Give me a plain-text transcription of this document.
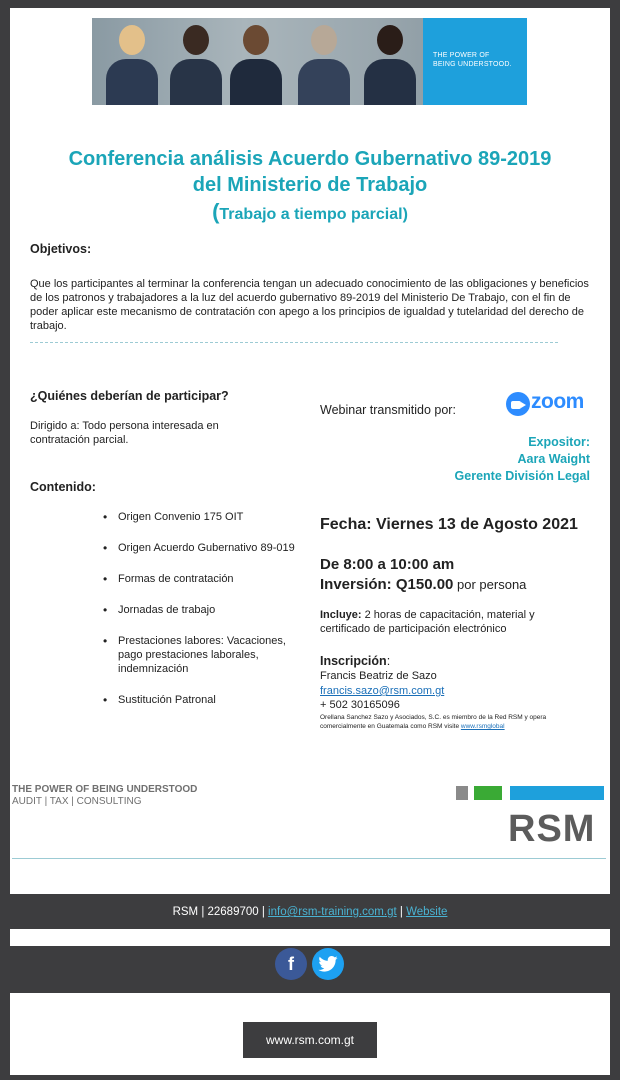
THE POWER OF
BEING UNDERSTOOD.
Conferencia análisis Acuerdo Gubernativo 89-2019
del Ministerio de Trabajo
(Trabajo a tiempo parcial)
Objetivos:
Que los participantes al terminar la conferencia tengan un adecuado conocimiento de las obligaciones y beneficios de los patronos y trabajadores a la luz del acuerdo gubernativo 89-2019 del Ministerio De Trabajo, con el fin de poder aplicar este mecanismo de contratación con apego a los principios de igualdad y tutelaridad del derecho de trabajo.
¿Quiénes deberían de participar?
Dirigido a: Todo persona interesada en contratación parcial.
Contenido:
• Origen Convenio 175 OIT
• Origen Acuerdo Gubernativo 89-019
• Formas de contratación
• Jornadas de trabajo
• Prestaciones labores: Vacaciones, pago prestaciones laborales, indemnización
• Sustitución Patronal
Webinar transmitido por:	zoom
Expositor:
Aara Waight
Gerente División Legal
Fecha: Viernes 13 de Agosto 2021
De 8:00 a 10:00 am
Inversión: Q150.00 por persona
Incluye: 2 horas de capacitación, material y certificado de participación electrónico
Inscripción:
Francis Beatriz de Sazo
francis.sazo@rsm.com.gt
+ 502 30165096
Orellana Sanchez Sazo y Asociados, S.C. es miembro de la Red RSM y opera comercialmente en Guatemala como RSM visite www.rsmglobal
THE POWER OF BEING UNDERSTOOD
AUDIT | TAX | CONSULTING
RSM
RSM | 22689700 | info@rsm-training.com.gt | Website
f
www.rsm.com.gt
